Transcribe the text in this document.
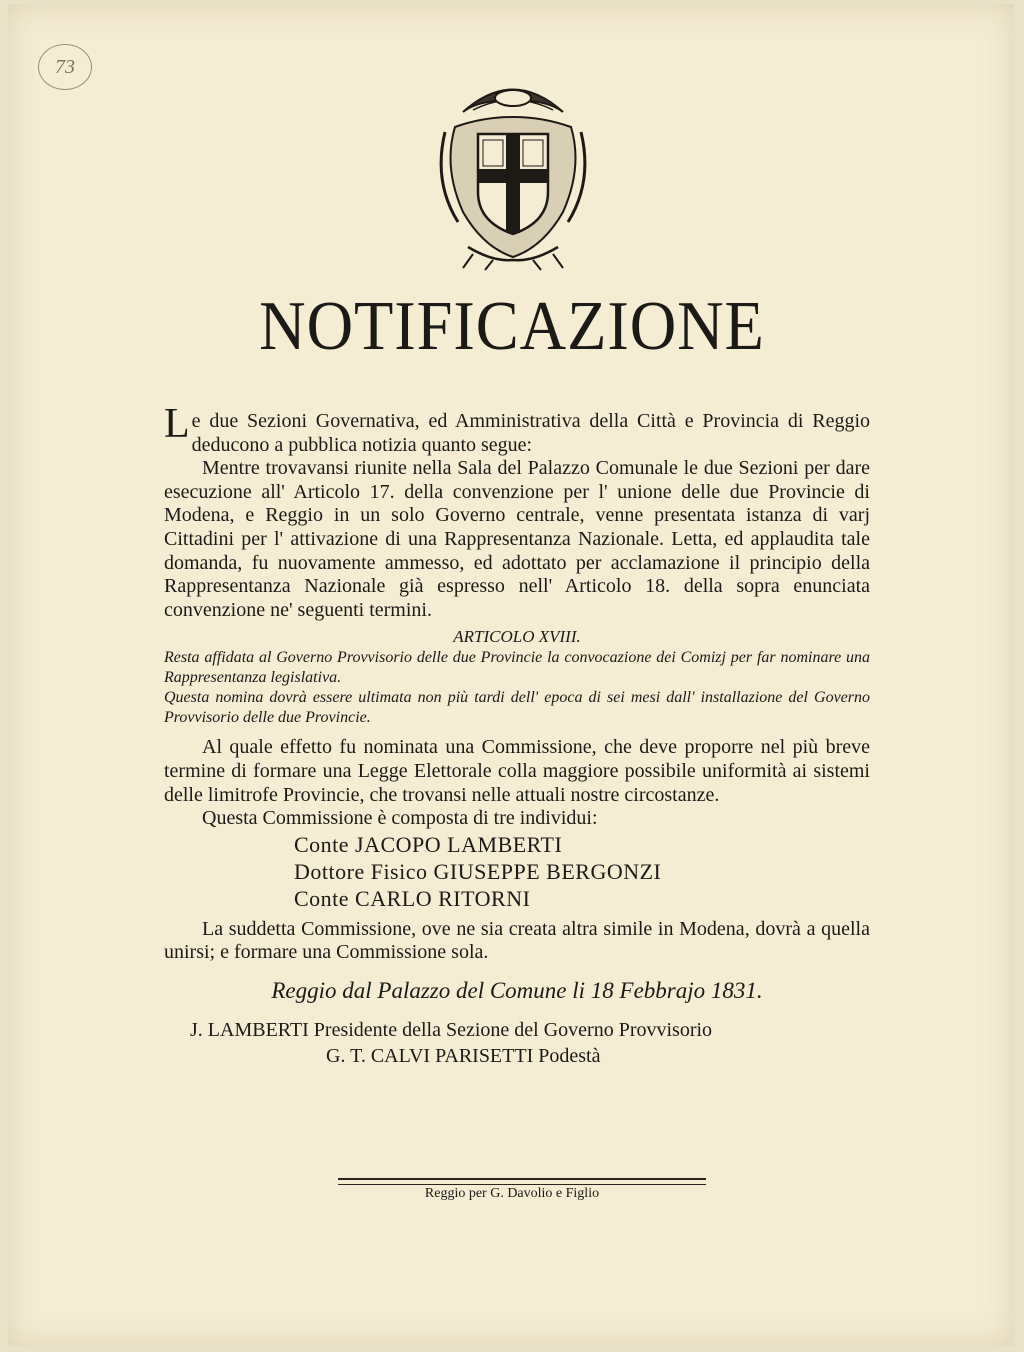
73
NOTIFICAZIONE

Le due Sezioni Governativa, ed Amministrativa della Città e Provincia di Reggio deducono a pubblica notizia quanto segue:

Mentre trovavansi riunite nella Sala del Palazzo Comunale le due Sezioni per dare esecuzione all' Articolo 17. della convenzione per l' unione delle due Provincie di Modena, e Reggio in un solo Governo centrale, venne presentata istanza di varj Cittadini per l' attivazione di una Rappresentanza Nazionale. Letta, ed applaudita tale domanda, fu nuovamente ammesso, ed adottato per acclamazione il principio della Rappresentanza Nazionale già espresso nell' Articolo 18. della sopra enunciata convenzione ne' seguenti termini.

ARTICOLO XVIII.

Resta affidata al Governo Provvisorio delle due Provincie la convocazione dei Comizj per far nominare una Rappresentanza legislativa.

Questa nomina dovrà essere ultimata non più tardi dell' epoca di sei mesi dall' installazione del Governo Provvisorio delle due Provincie.

Al quale effetto fu nominata una Commissione, che deve proporre nel più breve termine di formare una Legge Elettorale colla maggiore possibile uniformità ai sistemi delle limitrofe Provincie, che trovansi nelle attuali nostre circostanze.

Questa Commissione è composta di tre individui:

Conte JACOPO LAMBERTI
Dottore Fisico GIUSEPPE BERGONZI
Conte CARLO RITORNI

La suddetta Commissione, ove ne sia creata altra simile in Modena, dovrà a quella unirsi; e formare una Commissione sola.

Reggio dal Palazzo del Comune li 18 Febbrajo 1831.

J. LAMBERTI Presidente della Sezione del Governo Provvisorio
G. T. CALVI PARISETTI Podestà
Reggio per G. Davolio e Figlio
